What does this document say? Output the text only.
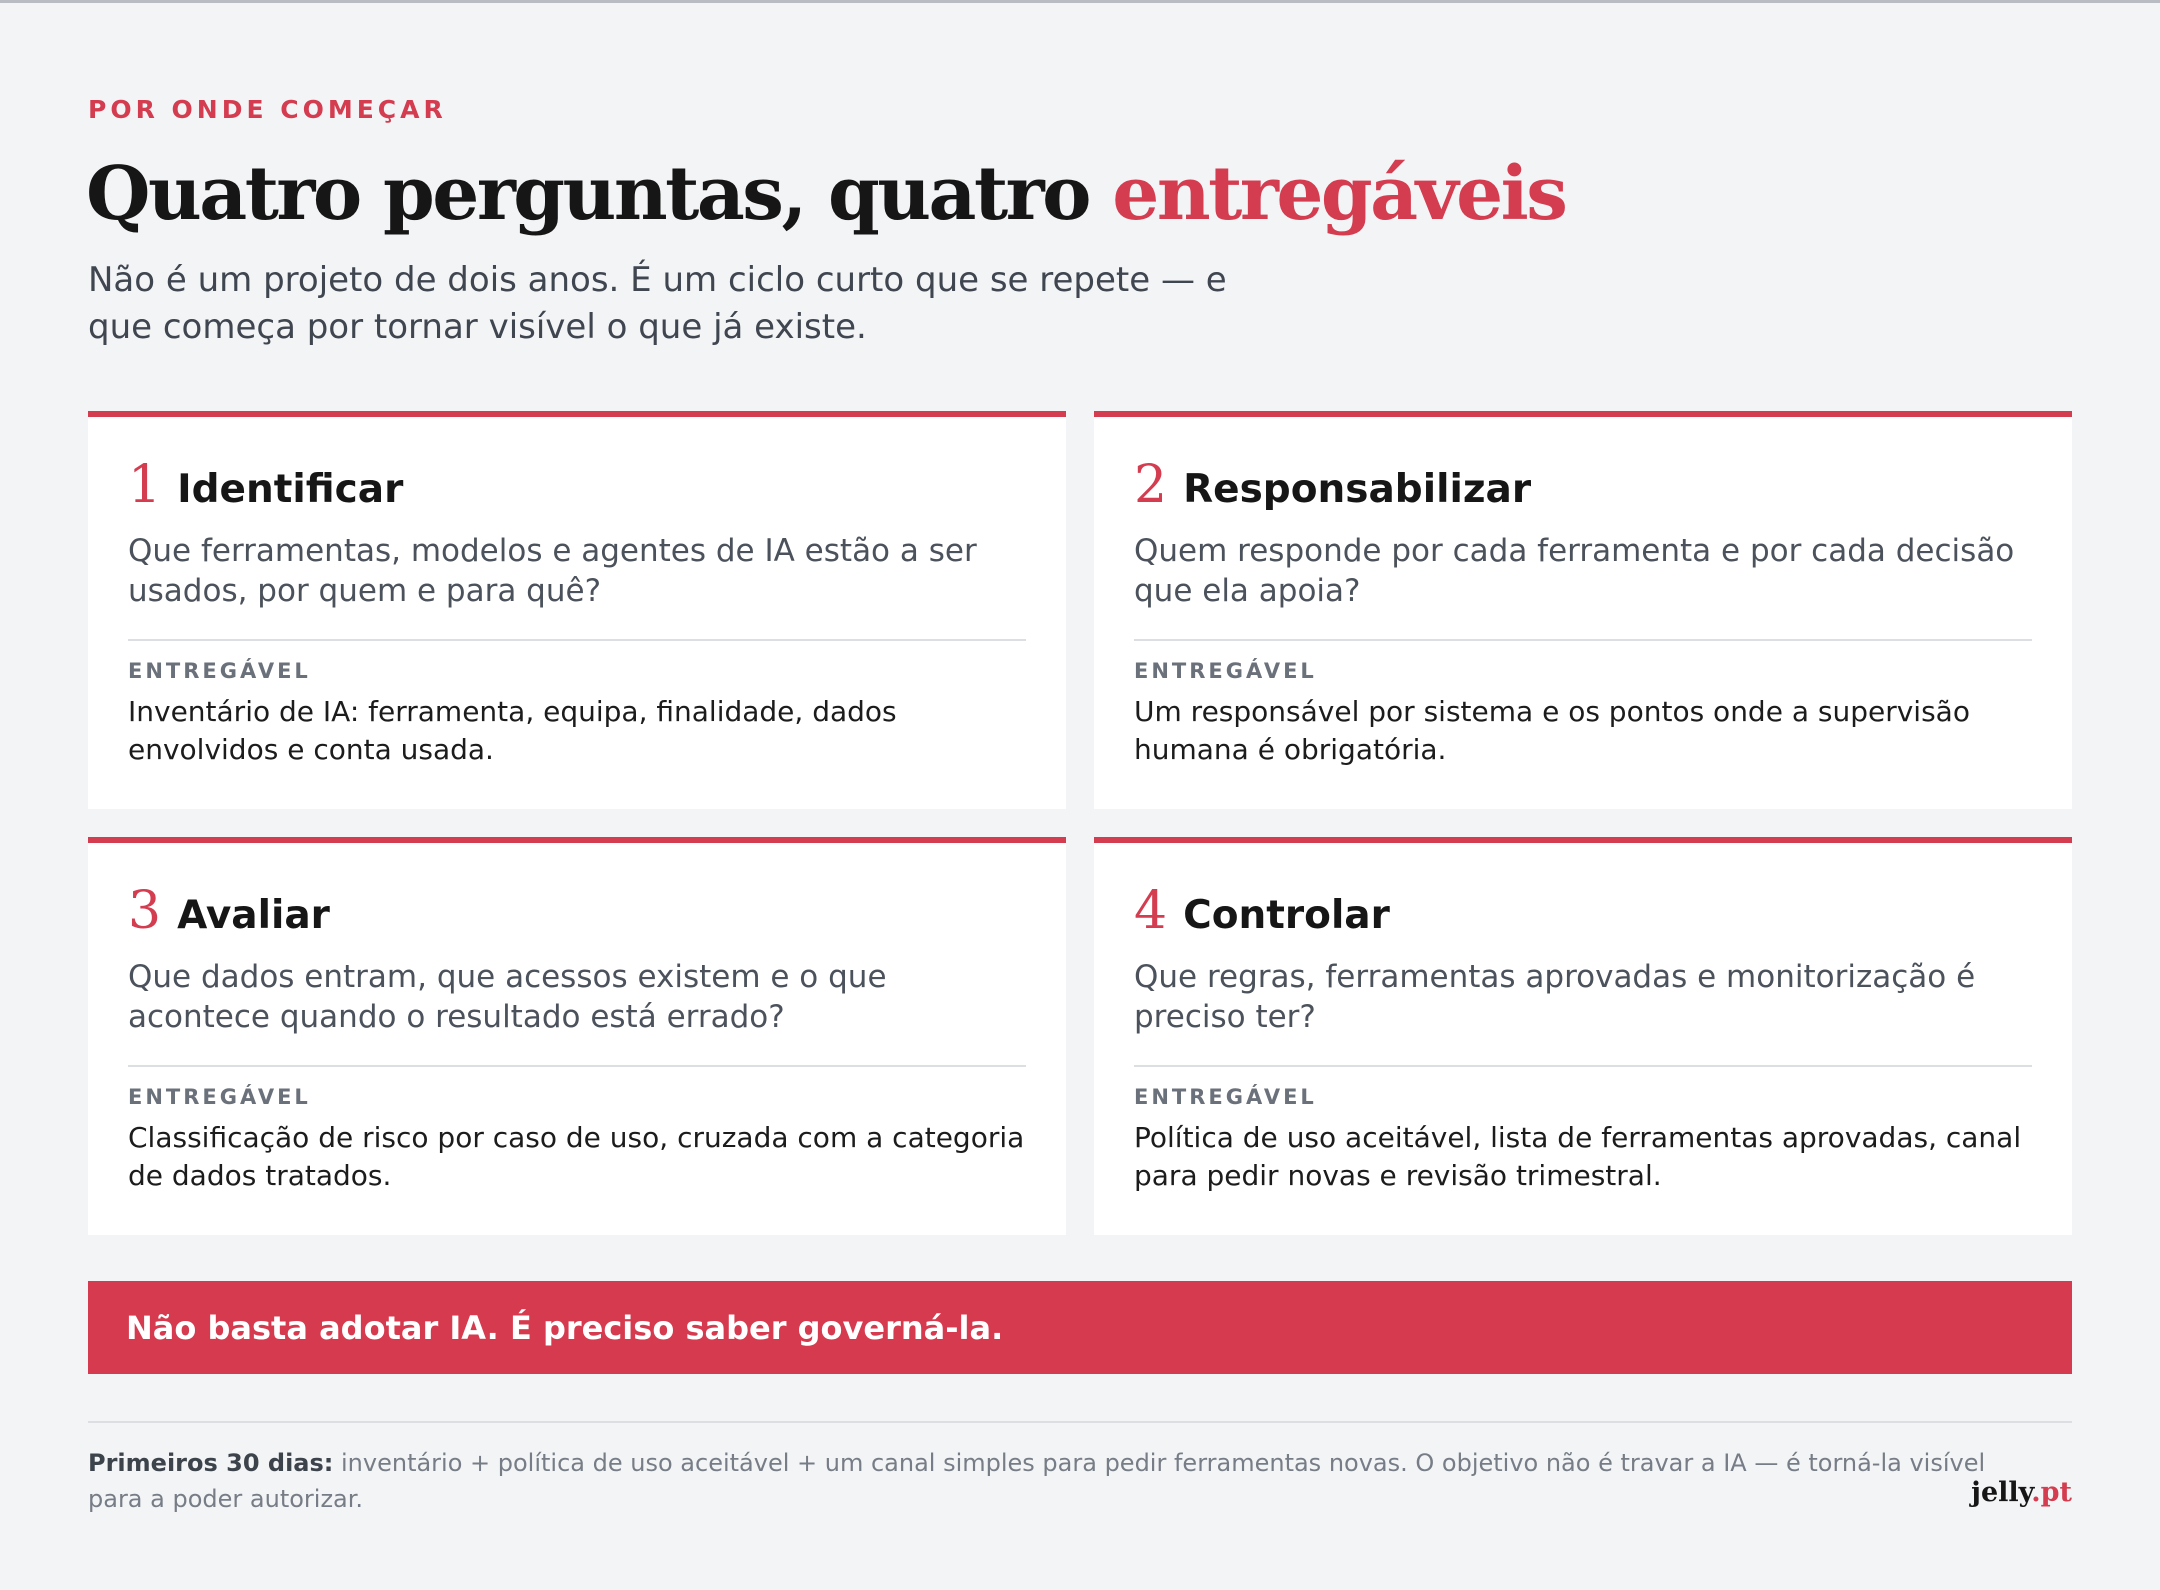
POR ONDE COMEÇAR
Quatro perguntas, quatro entregáveis

Não é um projeto de dois anos. É um ciclo curto que se repete — e que começa por tornar visível o que já existe.

1 Identificar

Que ferramentas, modelos e agentes de IA estão a ser usados, por quem e para quê?

ENTREGÁVEL

Inventário de IA: ferramenta, equipa, finalidade, dados envolvidos e conta usada.

2 Responsabilizar

Quem responde por cada ferramenta e por cada decisão que ela apoia?

ENTREGÁVEL

Um responsável por sistema e os pontos onde a supervisão humana é obrigatória.

3 Avaliar

Que dados entram, que acessos existem e o que acontece quando o resultado está errado?

ENTREGÁVEL

Classificação de risco por caso de uso, cruzada com a categoria de dados tratados.

4 Controlar

Que regras, ferramentas aprovadas e monitorização é preciso ter?

ENTREGÁVEL

Política de uso aceitável, lista de ferramentas aprovadas, canal para pedir novas e revisão trimestral.

Não basta adotar IA. É preciso saber governá-la.

Primeiros 30 dias: inventário + política de uso aceitável + um canal simples para pedir ferramentas novas. O objetivo não é travar a IA — é torná-la visível para a poder autorizar.	jelly.pt
